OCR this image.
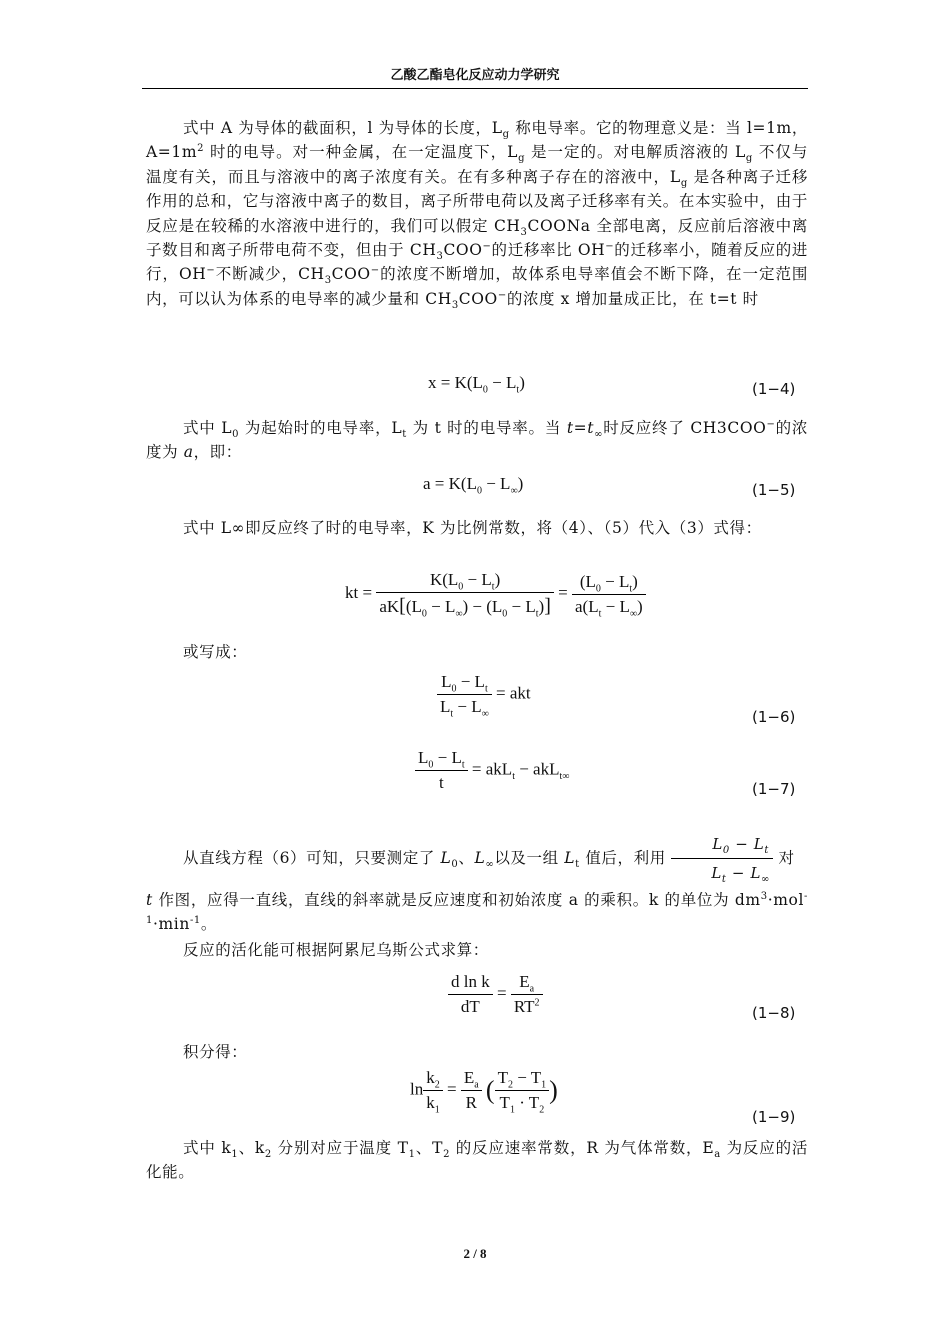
乙酸乙酯皂化反应动力学研究

式中 A 为导体的截面积，l 为导体的长度，$L_g$ 称电导率。它的物理意义是：当 l=1m，$A=1m^2$ 时的电导。对一种金属，在一定温度下，$L_g$ 是一定的。对电解质溶液的 $L_g$ 不仅与温度有关，而且与溶液中的离子浓度有关。在有多种离子存在的溶液中，$L_g$ 是各种离子迁移作用的总和，它与溶液中离子的数目，离子所带电荷以及离子迁移率有关。在本实验中，由于反应是在较稀的水溶液中进行的，我们可以假定 $CH_3COONa$ 全部电离，反应前后溶液中离子数目和离子所带电荷不变，但由于 $CH_3COO^-$的迁移率比 OH−的迁移率小，随着反应的进行，OH−不断减少，$CH_3COO^-$的浓度不断增加，故体系电导率值会不断下降，在一定范围内，可以认为体系的电导率的减少量和 $CH_3COO^-$的浓度 x 增加量成正比，在 t=t 时

$x = K(L_0 - L_t)$	(1−4)

式中 $L_0$ 为起始时的电导率，$L_t$ 为 t 时的电导率。当 $t=t_\infty$时反应终了 CH3COO−的浓度为 a，即：

$a = K(L_0 - L_\infty)$	(1−5)

式中 L∞即反应终了时的电导率，K 为比例常数，将（4）、（5）代入（3）式得：

kt = $\frac{K(L_0 - L_t)}{aK[(L_0 - L_\infty) - (L_0 - L_t)]} = \frac{(L_0 - L_t)}{a(L_t - L_\infty)}$

或写成：

$\frac{L_0 - L_t}{L_t - L_\infty}$ = akt
(1−6)
$\frac{L_0 - L_t}{t} = akL_t - akL_{t\infty}$
(1−7)
从直线方程（6）可知，只要测定了 $L_0$、$L_\infty$以及一组 $L_t$ 值后，利用 $\frac{L_0 - L_t}{L_t - L_\infty}$ 对

t 作图，应得一直线，直线的斜率就是反应速度和初始浓度 a 的乘积。k 的单位为 $dm^3\cdot mol^{-1}\cdot\min^{-1}$。

反应的活化能可根据阿累尼乌斯公式求算：

$\frac{\text{d ln k}}{dT} = \frac{E_a}{RT^2}$	(1−8)

积分得：

$\ln \frac{k_2}{k_1} = \frac{E_a}{R}$ ( $\frac{T_2 - T_1}{T_1 \cdot T_2}$ )
(1−9)

式中 $k_1$、$k_2$ 分别对应于温度 $T_1$、$T_2$ 的反应速率常数，R 为气体常数，$E_a$ 为反应的活化能。

2 / 8
